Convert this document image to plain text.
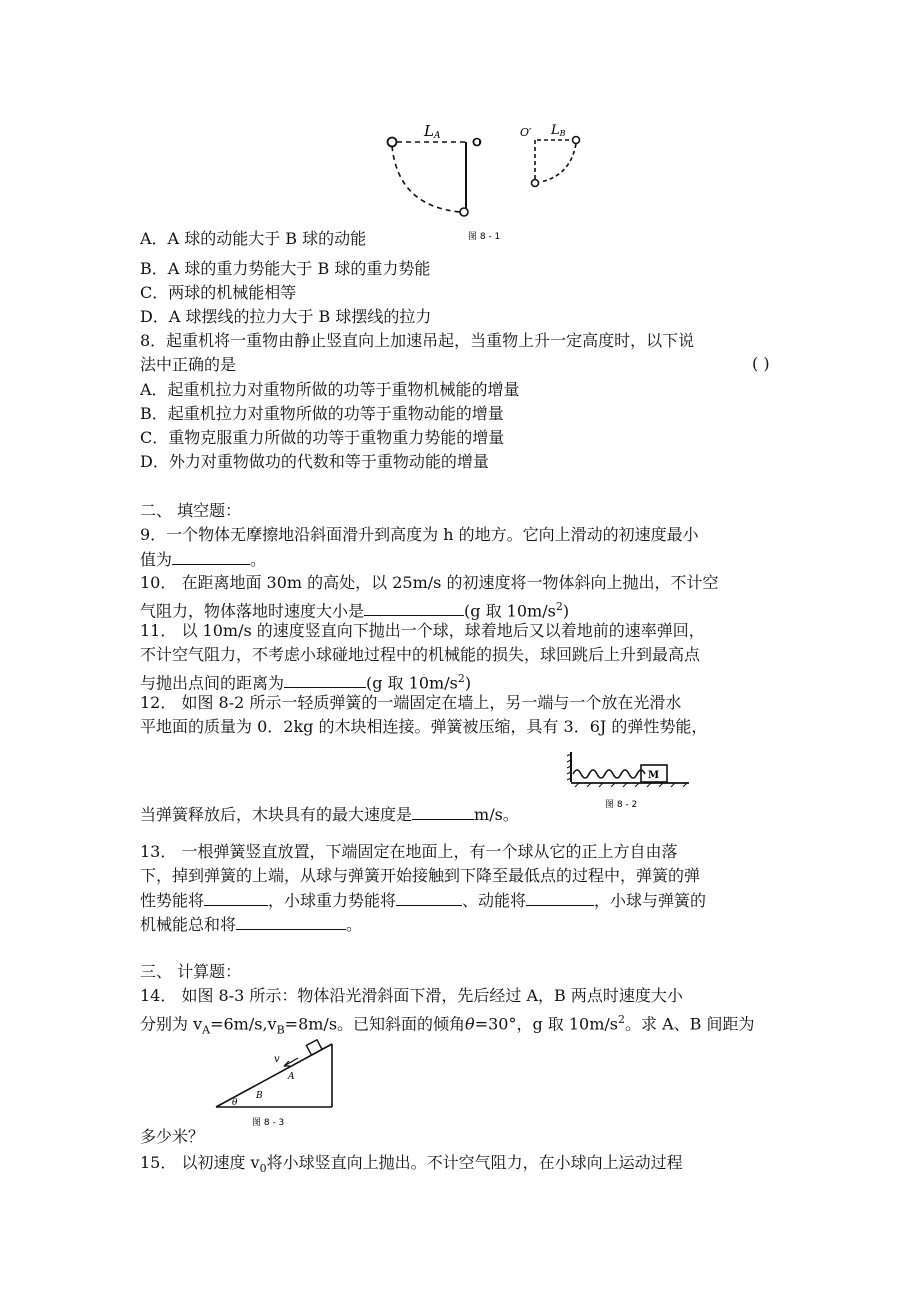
LA	O
O′ LB
图 8 - 1
A．A 球的动能大于 B 球的动能
B．A 球的重力势能大于 B 球的重力势能
C．两球的机械能相等
D．A 球摆线的拉力大于 B 球摆线的拉力
8．起重机将一重物由静止竖直向上加速吊起，当重物上升一定高度时，以下说
法中正确的是	( )
A．起重机拉力对重物所做的功等于重物机械能的增量
B．起重机拉力对重物所做的功等于重物动能的增量
C．重物克服重力所做的功等于重物重力势能的增量
D．外力对重物做功的代数和等于重物动能的增量
二、 填空题：
9．一个物体无摩擦地沿斜面滑升到高度为 h 的地方。它向上滑动的初速度最小
值为	。
10． 在距离地面 30m 的高处，以 25m/s 的初速度将一物体斜向上抛出，不计空
气阻力，物体落地时速度大小是	(g 取 $10m/s^2$)
11． 以 10m/s 的速度竖直向下抛出一个球，球着地后又以着地前的速率弹回，
不计空气阻力，不考虑小球碰地过程中的机械能的损失，球回跳后上升到最高点
与抛出点间的距离为	(g 取 $10m/s^2$)
12． 如图 8-2 所示一轻质弹簧的一端固定在墙上，另一端与一个放在光滑水
平地面的质量为 0．2kg 的木块相连接。弹簧被压缩，具有 3．6J 的弹性势能，
M
图 8 - 2
当弹簧释放后，木块具有的最大速度是	m/s。
13． 一根弹簧竖直放置，下端固定在地面上，有一个球从它的正上方自由落
下，掉到弹簧的上端，从球与弹簧开始接触到下降至最低点的过程中，弹簧的弹
性势能将	，小球重力势能将	、动能将	，小球与弹簧的
机械能总和将	。
三、 计算题：
14． 如图 8-3 所示：物体沿光滑斜面下滑，先后经过 A，B 两点时速度大小
分别为 $v_A=6m/s,v_B=8m/s$。已知斜面的倾角θ=30°，g 取 $10m/s^2$。求 A、B 间距为
v
A
B
θ
图 8 - 3
多少米？
15． 以初速度 $v_0$将小球竖直向上抛出。不计空气阻力，在小球向上运动过程
